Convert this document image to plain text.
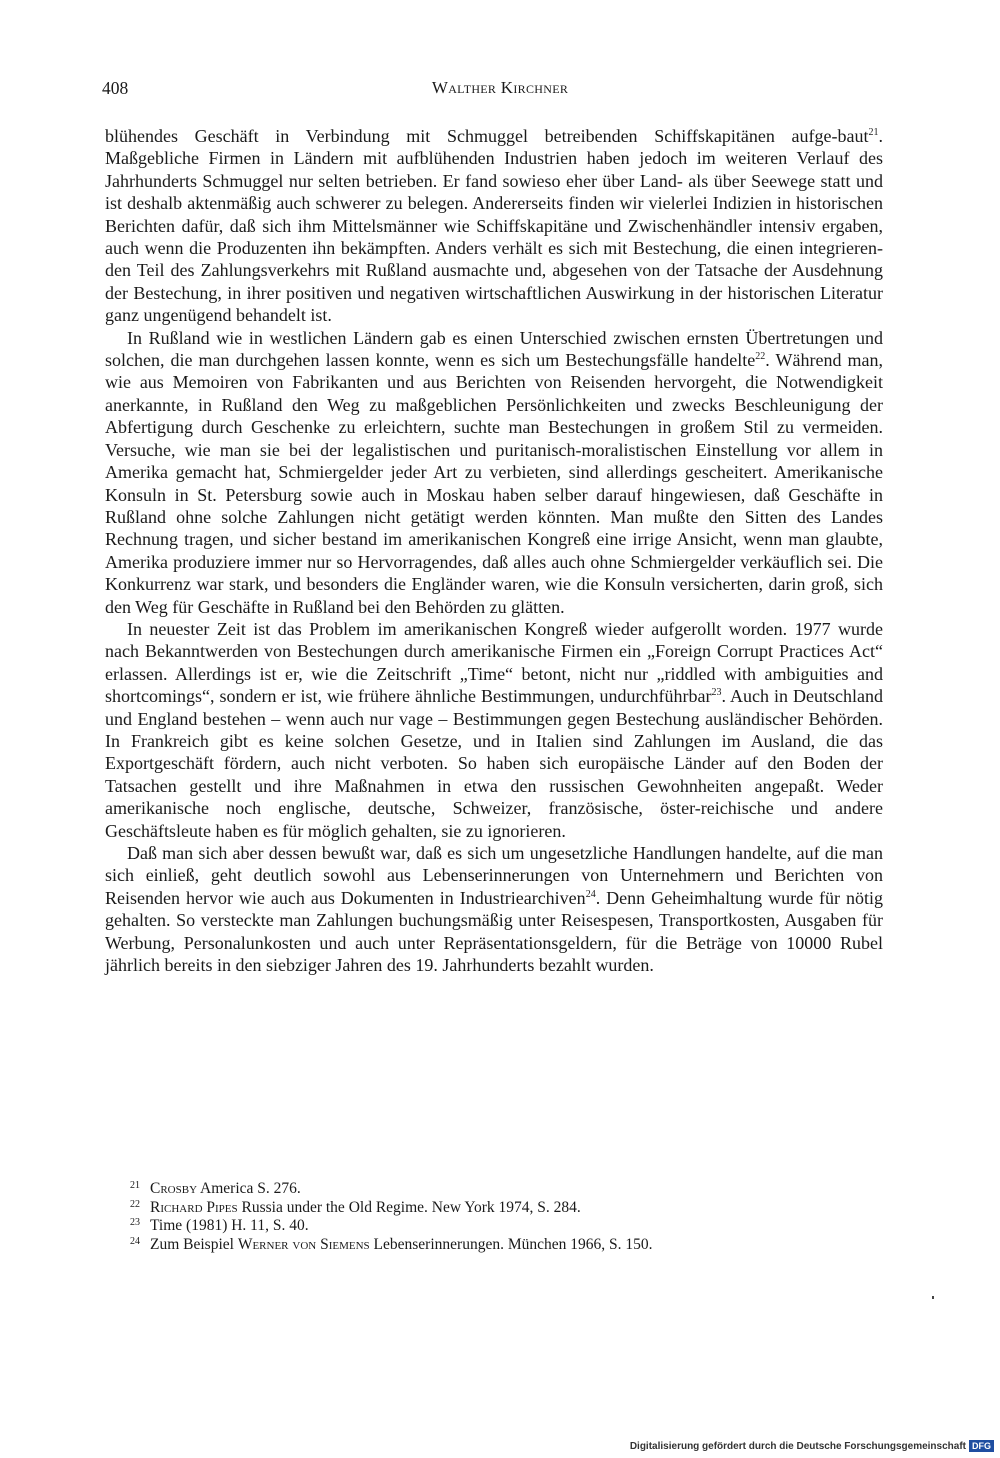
408	Walther Kirchner

blühendes Geschäft in Verbindung mit Schmuggel betreibenden Schiffskapitänen aufge-baut$^{21}$. Maßgebliche Firmen in Ländern mit aufblühenden Industrien haben jedoch im weiteren Verlauf des Jahrhunderts Schmuggel nur selten betrieben. Er fand sowieso eher über Land- als über Seewege statt und ist deshalb aktenmäßig auch schwerer zu belegen. Andererseits finden wir vielerlei Indizien in historischen Berichten dafür, daß sich ihm Mittelsmänner wie Schiffskapitäne und Zwischenhändler intensiv ergaben, auch wenn die Produzenten ihn bekämpften. Anders verhält es sich mit Bestechung, die einen integrieren-den Teil des Zahlungsverkehrs mit Rußland ausmachte und, abgesehen von der Tatsache der Ausdehnung der Bestechung, in ihrer positiven und negativen wirtschaftlichen Auswirkung in der historischen Literatur ganz ungenügend behandelt ist.

In Rußland wie in westlichen Ländern gab es einen Unterschied zwischen ernsten Übertretungen und solchen, die man durchgehen lassen konnte, wenn es sich um Bestechungsfälle handelte$^{22}$. Während man, wie aus Memoiren von Fabrikanten und aus Berichten von Reisenden hervorgeht, die Notwendigkeit anerkannte, in Rußland den Weg zu maßgeblichen Persönlichkeiten und zwecks Beschleunigung der Abfertigung durch Geschenke zu erleichtern, suchte man Bestechungen in großem Stil zu vermeiden. Versuche, wie man sie bei der legalistischen und puritanisch-moralistischen Einstellung vor allem in Amerika gemacht hat, Schmiergelder jeder Art zu verbieten, sind allerdings gescheitert. Amerikanische Konsuln in St. Petersburg sowie auch in Moskau haben selber darauf hingewiesen, daß Geschäfte in Rußland ohne solche Zahlungen nicht getätigt werden könnten. Man mußte den Sitten des Landes Rechnung tragen, und sicher bestand im amerikanischen Kongreß eine irrige Ansicht, wenn man glaubte, Amerika produziere immer nur so Hervorragendes, daß alles auch ohne Schmiergelder verkäuflich sei. Die Konkurrenz war stark, und besonders die Engländer waren, wie die Konsuln versicherten, darin groß, sich den Weg für Geschäfte in Rußland bei den Behörden zu glätten.

In neuester Zeit ist das Problem im amerikanischen Kongreß wieder aufgerollt worden. 1977 wurde nach Bekanntwerden von Bestechungen durch amerikanische Firmen ein „Foreign Corrupt Practices Act“ erlassen. Allerdings ist er, wie die Zeitschrift „Time“ betont, nicht nur „riddled with ambiguities and shortcomings“, sondern er ist, wie frühere ähnliche Bestimmungen, undurchführbar$^{23}$. Auch in Deutschland und England bestehen – wenn auch nur vage – Bestimmungen gegen Bestechung ausländischer Behörden. In Frankreich gibt es keine solchen Gesetze, und in Italien sind Zahlungen im Ausland, die das Exportgeschäft fördern, auch nicht verboten. So haben sich europäische Länder auf den Boden der Tatsachen gestellt und ihre Maßnahmen in etwa den russischen Gewohnheiten angepaßt. Weder amerikanische noch englische, deutsche, Schweizer, französische, öster-reichische und andere Geschäftsleute haben es für möglich gehalten, sie zu ignorieren.

Daß man sich aber dessen bewußt war, daß es sich um ungesetzliche Handlungen handelte, auf die man sich einließ, geht deutlich sowohl aus Lebenserinnerungen von Unternehmern und Berichten von Reisenden hervor wie auch aus Dokumenten in Industriearchiven$^{24}$. Denn Geheimhaltung wurde für nötig gehalten. So versteckte man Zahlungen buchungsmäßig unter Reisespesen, Transportkosten, Ausgaben für Werbung, Personalunkosten und auch unter Repräsentationsgeldern, für die Beträge von 10000 Rubel jährlich bereits in den siebziger Jahren des 19. Jahrhunderts bezahlt wurden.

21 Crosby America S. 276.
22 Richard Pipes Russia under the Old Regime. New York 1974, S. 284.
23 Time (1981) H. 11, S. 40.
24 Zum Beispiel Werner von Siemens Lebenserinnerungen. München 1966, S. 150.
Digitalisierung gefördert durch die Deutsche Forschungsgemeinschaft DFG
